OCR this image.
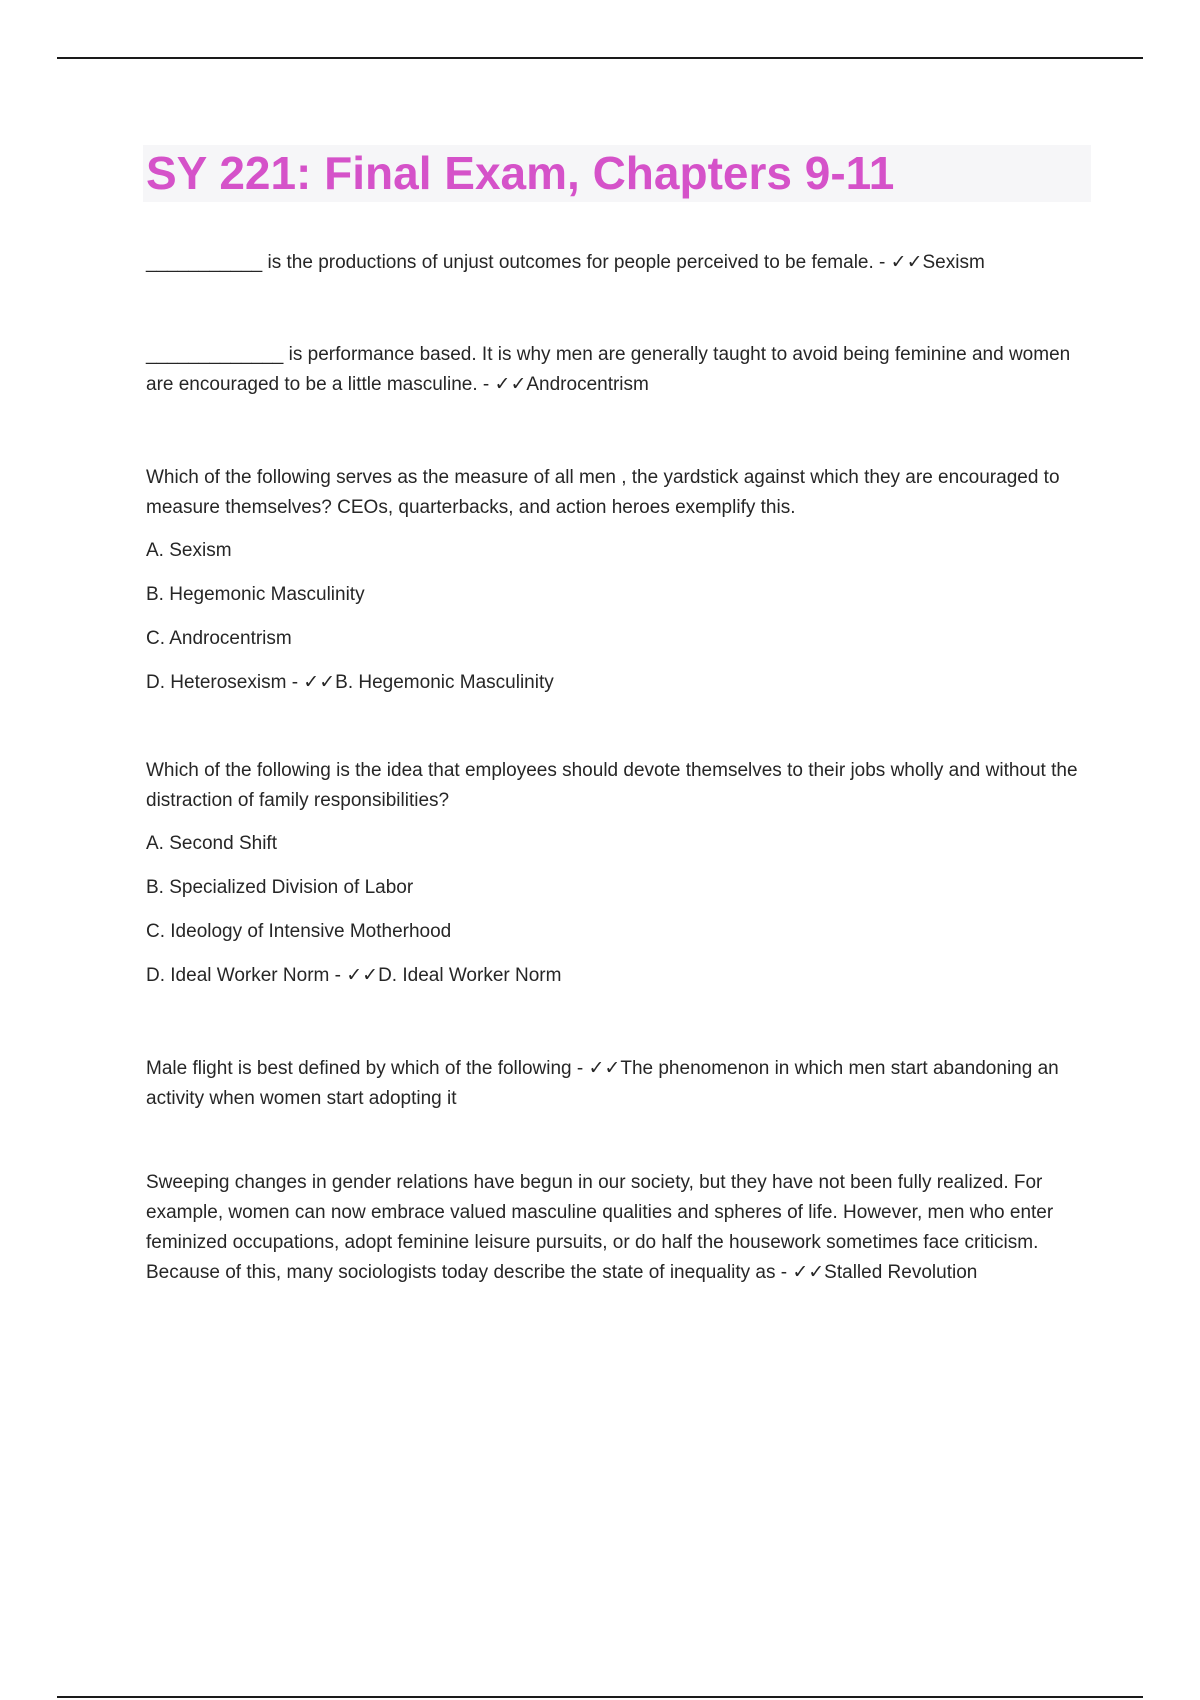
SY 221: Final Exam, Chapters 9-11

___________ is the productions of unjust outcomes for people perceived to be female. - ✓✓Sexism

_____________ is performance based. It is why men are generally taught to avoid being feminine and women are encouraged to be a little masculine. - ✓✓Androcentrism

Which of the following serves as the measure of all men , the yardstick against which they are encouraged to measure themselves? CEOs, quarterbacks, and action heroes exemplify this.

A. Sexism

B. Hegemonic Masculinity

C. Androcentrism

D. Heterosexism - ✓✓B. Hegemonic Masculinity

Which of the following is the idea that employees should devote themselves to their jobs wholly and without the distraction of family responsibilities?

A. Second Shift

B. Specialized Division of Labor

C. Ideology of Intensive Motherhood

D. Ideal Worker Norm - ✓✓D. Ideal Worker Norm

Male flight is best defined by which of the following - ✓✓The phenomenon in which men start abandoning an activity when women start adopting it

Sweeping changes in gender relations have begun in our society, but they have not been fully realized. For example, women can now embrace valued masculine qualities and spheres of life. However, men who enter feminized occupations, adopt feminine leisure pursuits, or do half the housework sometimes face criticism. Because of this, many sociologists today describe the state of inequality as - ✓✓Stalled Revolution
